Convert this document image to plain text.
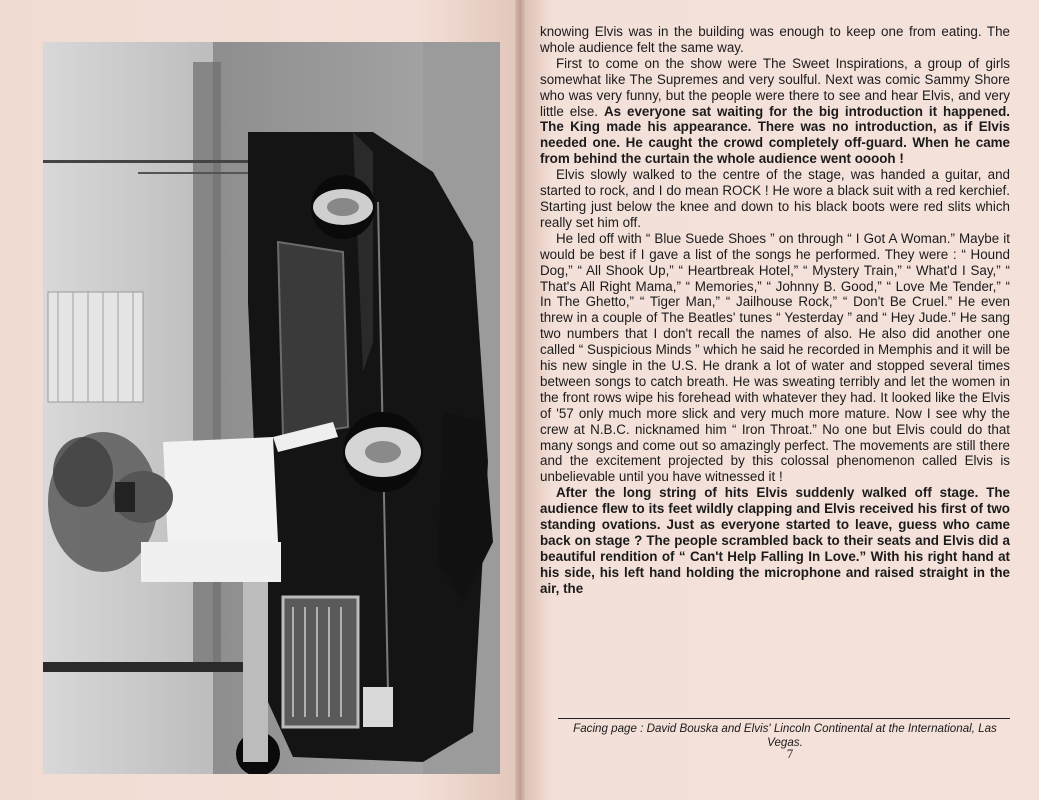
knowing Elvis was in the building was enough to keep one from eating. The whole audience felt the same way.

First to come on the show were The Sweet Inspirations, a group of girls somewhat like The Supremes and very soulful. Next was comic Sammy Shore who was very funny, but the people were there to see and hear Elvis, and very little else. As everyone sat waiting for the big introduction it happened. The King made his appearance. There was no introduction, as if Elvis needed one. He caught the crowd completely off-guard. When he came from behind the curtain the whole audience went ooooh !

Elvis slowly walked to the centre of the stage, was handed a guitar, and started to rock, and I do mean ROCK ! He wore a black suit with a red kerchief. Starting just below the knee and down to his black boots were red slits which really set him off.

He led off with “ Blue Suede Shoes ” on through “ I Got A Woman.” Maybe it would be best if I gave a list of the songs he performed. They were : “ Hound Dog,” “ All Shook Up,” “ Heartbreak Hotel,” “ Mystery Train,” “ What'd I Say,” “ That's All Right Mama,” “ Memories,” “ Johnny B. Good,” “ Love Me Tender,” “ In The Ghetto,” “ Tiger Man,” “ Jailhouse Rock,” “ Don't Be Cruel.” He even threw in a couple of The Beatles' tunes “ Yesterday ” and “ Hey Jude.” He sang two numbers that I don't recall the names of also. He also did another one called “ Suspicious Minds ” which he said he recorded in Memphis and it will be his new single in the U.S. He drank a lot of water and stopped several times between songs to catch breath. He was sweating terribly and let the women in the front rows wipe his forehead with whatever they had. It looked like the Elvis of '57 only much more slick and very much more mature. Now I see why the crew at N.B.C. nicknamed him “ Iron Throat.” No one but Elvis could do that many songs and come out so amazingly perfect. The movements are still there and the excitement projected by this colossal phenomenon called Elvis is unbelievable until you have witnessed it !

After the long string of hits Elvis suddenly walked off stage. The audience flew to its feet wildly clapping and Elvis received his first of two standing ovations. Just as everyone started to leave, guess who came back on stage ? The people scrambled back to their seats and Elvis did a beautiful rendition of “ Can't Help Falling In Love.” With his right hand at his side, his left hand holding the microphone and raised straight in the air, the

Facing page : David Bouska and Elvis' Lincoln Continental at the International, Las Vegas.
7
